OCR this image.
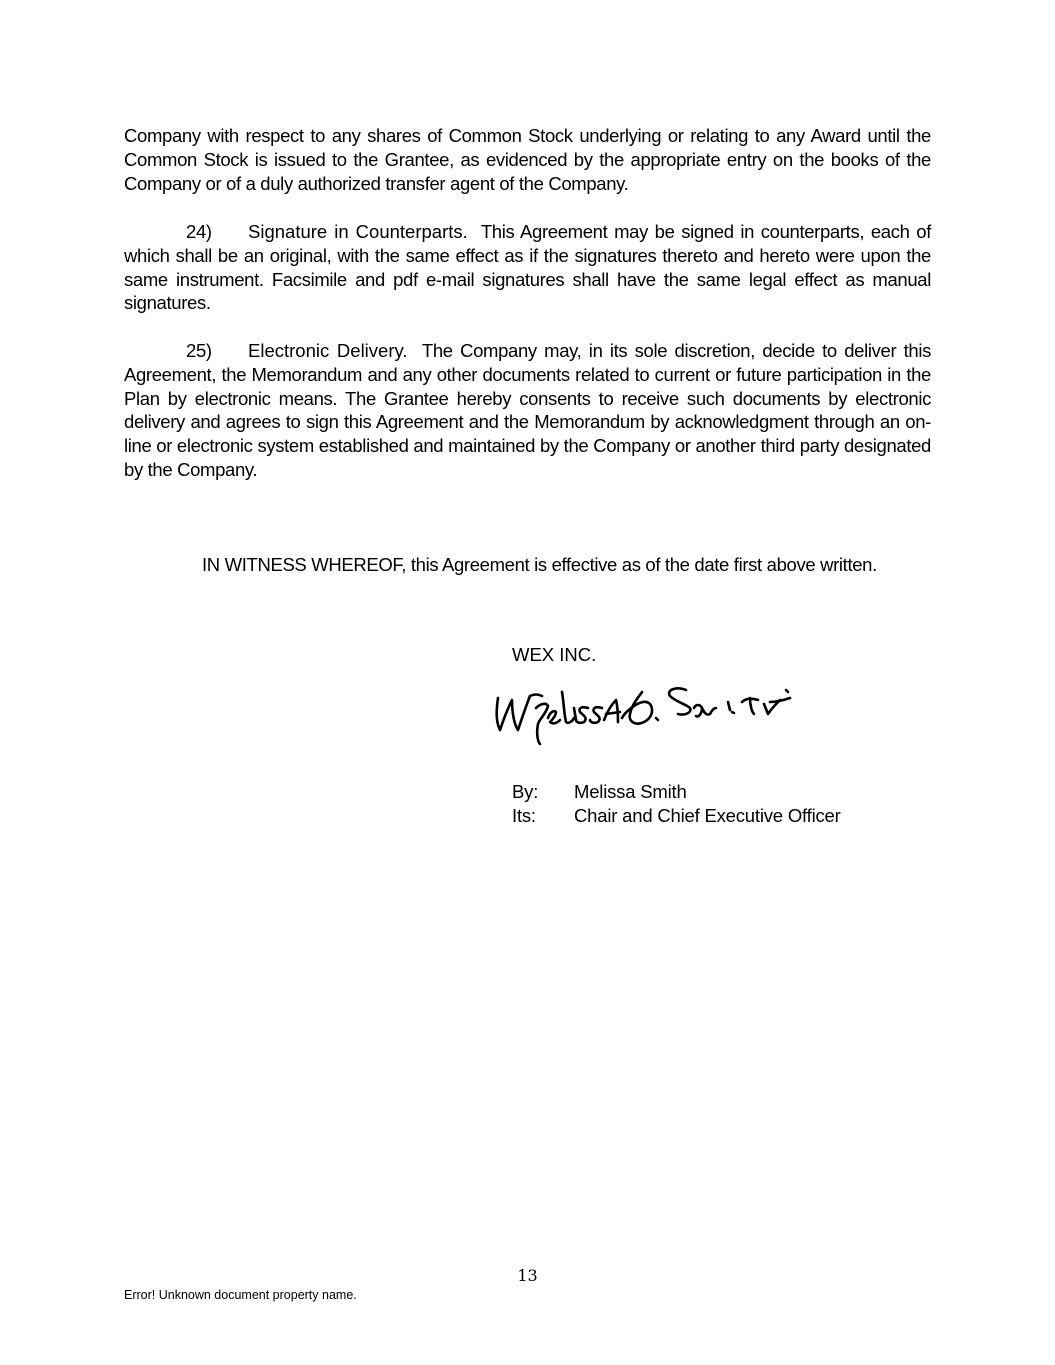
Company with respect to any shares of Common Stock underlying or relating to any Award until the Common Stock is issued to the Grantee, as evidenced by the appropriate entry on the books of the Company or of a duly authorized transfer agent of the Company.

24) Signature in Counterparts. This Agreement may be signed in counterparts, each of which shall be an original, with the same effect as if the signatures thereto and hereto were upon the same instrument. Facsimile and pdf e-mail signatures shall have the same legal effect as manual signatures.

25) Electronic Delivery. The Company may, in its sole discretion, decide to deliver this Agreement, the Memorandum and any other documents related to current or future participation in the Plan by electronic means. The Grantee hereby consents to receive such documents by electronic delivery and agrees to sign this Agreement and the Memorandum by acknowledgment through an on-line or electronic system established and maintained by the Company or another third party designated by the Company.

IN WITNESS WHEREOF, this Agreement is effective as of the date first above written.

WEX INC.
By: Melissa Smith
Its: Chair and Chief Executive Officer
13
Error! Unknown document property name.
